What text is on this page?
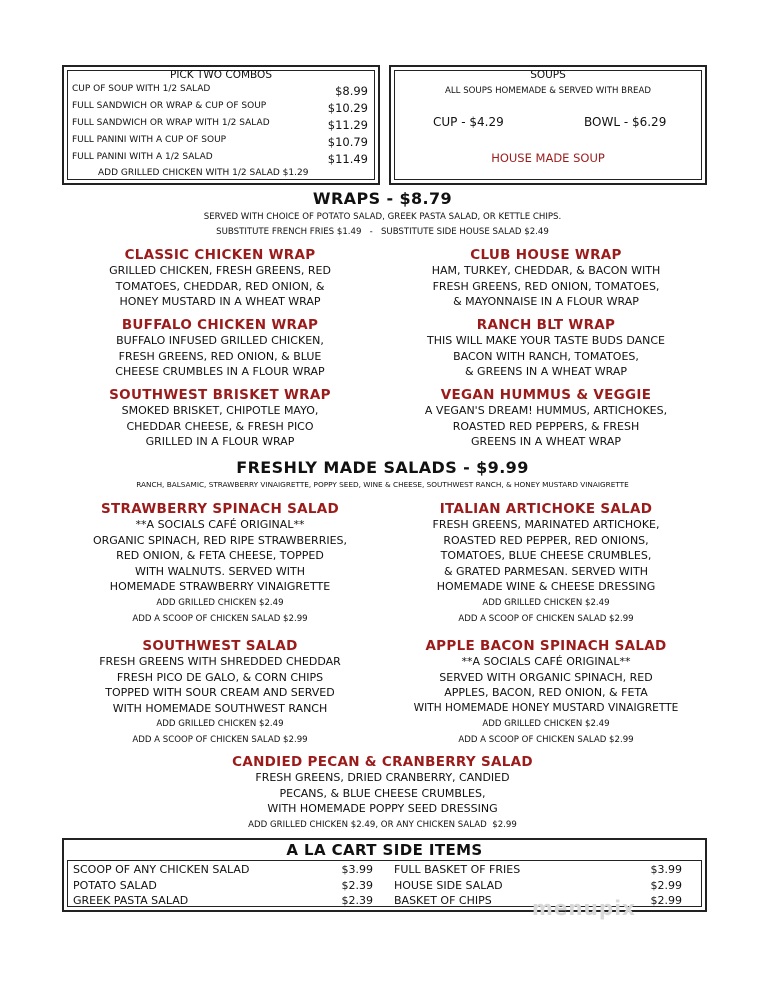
PICK TWO COMBOS
CUP OF SOUP WITH 1/2 SALAD	$8.99
FULL SANDWICH OR WRAP & CUP OF SOUP	$10.29
FULL SANDWICH OR WRAP WITH 1/2 SALAD	$11.29
FULL PANINI WITH A CUP OF SOUP	$10.79
FULL PANINI WITH A 1/2 SALAD	$11.49
ADD GRILLED CHICKEN WITH 1/2 SALAD $1.29
SOUPS
ALL SOUPS HOMEMADE & SERVED WITH BREAD
CUP - $4.29	BOWL - $6.29
HOUSE MADE SOUP
WRAPS - $8.79
SERVED WITH CHOICE OF POTATO SALAD, GREEK PASTA SALAD, OR KETTLE CHIPS.
SUBSTITUTE FRENCH FRIES $1.49   -   SUBSTITUTE SIDE HOUSE SALAD $2.49
CLASSIC CHICKEN WRAP
GRILLED CHICKEN, FRESH GREENS, RED
TOMATOES, CHEDDAR, RED ONION, &
HONEY MUSTARD IN A WHEAT WRAP
BUFFALO CHICKEN WRAP
BUFFALO INFUSED GRILLED CHICKEN,
FRESH GREENS, RED ONION, & BLUE
CHEESE CRUMBLES IN A FLOUR WRAP
SOUTHWEST BRISKET WRAP
SMOKED BRISKET, CHIPOTLE MAYO,
CHEDDAR CHEESE, & FRESH PICO
GRILLED IN A FLOUR WRAP
CLUB HOUSE WRAP
HAM, TURKEY, CHEDDAR, & BACON WITH
FRESH GREENS, RED ONION, TOMATOES,
& MAYONNAISE IN A FLOUR WRAP
RANCH BLT WRAP
THIS WILL MAKE YOUR TASTE BUDS DANCE
BACON WITH RANCH, TOMATOES,
& GREENS IN A WHEAT WRAP
VEGAN HUMMUS & VEGGIE
A VEGAN'S DREAM! HUMMUS, ARTICHOKES,
ROASTED RED PEPPERS, & FRESH
GREENS IN A WHEAT WRAP
FRESHLY MADE SALADS - $9.99
RANCH, BALSAMIC, STRAWBERRY VINAIGRETTE, POPPY SEED, WINE & CHEESE, SOUTHWEST RANCH, & HONEY MUSTARD VINAIGRETTE
STRAWBERRY SPINACH SALAD
**A SOCIALS CAFÉ ORIGINAL**
ORGANIC SPINACH, RED RIPE STRAWBERRIES,
RED ONION, & FETA CHEESE, TOPPED
WITH WALNUTS. SERVED WITH
HOMEMADE STRAWBERRY VINAIGRETTE
ADD GRILLED CHICKEN $2.49
ADD A SCOOP OF CHICKEN SALAD $2.99
SOUTHWEST SALAD
FRESH GREENS WITH SHREDDED CHEDDAR
FRESH PICO DE GALO, & CORN CHIPS
TOPPED WITH SOUR CREAM AND SERVED
WITH HOMEMADE SOUTHWEST RANCH
ADD GRILLED CHICKEN $2.49
ADD A SCOOP OF CHICKEN SALAD $2.99
ITALIAN ARTICHOKE SALAD
FRESH GREENS, MARINATED ARTICHOKE,
ROASTED RED PEPPER, RED ONIONS,
TOMATOES, BLUE CHEESE CRUMBLES,
& GRATED PARMESAN. SERVED WITH
HOMEMADE WINE & CHEESE DRESSING
ADD GRILLED CHICKEN $2.49
ADD A SCOOP OF CHICKEN SALAD $2.99
APPLE BACON SPINACH SALAD
**A SOCIALS CAFÉ ORIGINAL**
SERVED WITH ORGANIC SPINACH, RED
APPLES, BACON, RED ONION, & FETA
WITH HOMEMADE HONEY MUSTARD VINAIGRETTE
ADD GRILLED CHICKEN $2.49
ADD A SCOOP OF CHICKEN SALAD $2.99
CANDIED PECAN & CRANBERRY SALAD
FRESH GREENS, DRIED CRANBERRY, CANDIED
PECANS, & BLUE CHEESE CRUMBLES,
WITH HOMEMADE POPPY SEED DRESSING
ADD GRILLED CHICKEN $2.49, OR ANY CHICKEN SALAD  $2.99
A LA CART SIDE ITEMS
SCOOP OF ANY CHICKEN SALAD	$3.99
POTATO SALAD	$2.39
GREEK PASTA SALAD	$2.39
FULL BASKET OF FRIES	$3.99
HOUSE SIDE SALAD	$2.99
BASKET OF CHIPS	$2.99
menupix
